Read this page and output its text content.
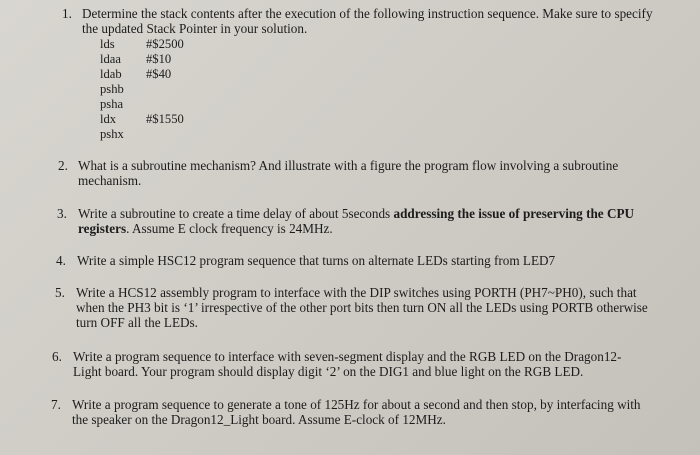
1. Determine the stack contents after the execution of the following instruction sequence. Make sure to specify
the updated Stack Pointer in your solution.
lds #$2500
ldaa #$10
ldab #$40
pshb
psha
ldx #$1550
pshx
2. What is a subroutine mechanism? And illustrate with a figure the program flow involving a subroutine
mechanism.
3. Write a subroutine to create a time delay of about 5seconds addressing the issue of preserving the CPU
registers. Assume E clock frequency is 24MHz.
4. Write a simple HSC12 program sequence that turns on alternate LEDs starting from LED7
5. Write a HCS12 assembly program to interface with the DIP switches using PORTH (PH7~PH0), such that
when the PH3 bit is ‘1’ irrespective of the other port bits then turn ON all the LEDs using PORTB otherwise
turn OFF all the LEDs.
6. Write a program sequence to interface with seven-segment display and the RGB LED on the Dragon12-
Light board. Your program should display digit ‘2’ on the DIG1 and blue light on the RGB LED.
7. Write a program sequence to generate a tone of 125Hz for about a second and then stop, by interfacing with
the speaker on the Dragon12_Light board. Assume E-clock of 12MHz.
